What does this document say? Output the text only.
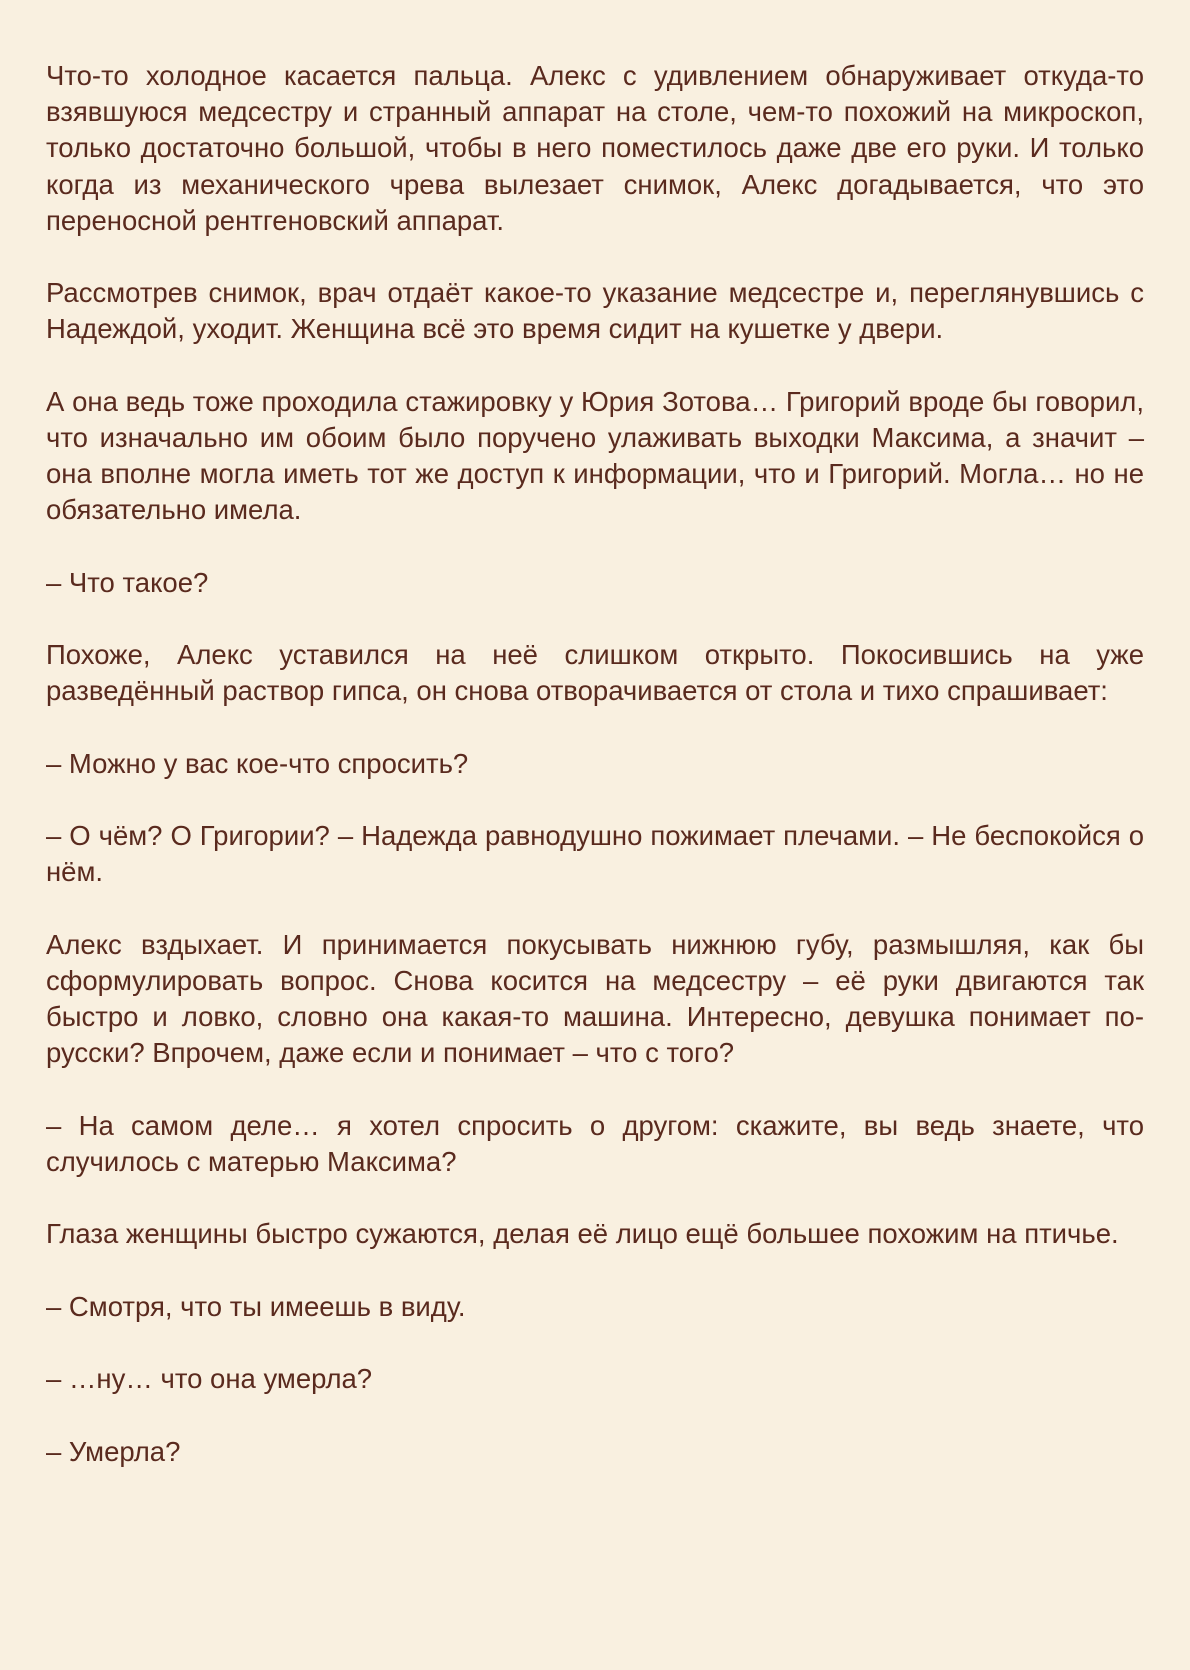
Что-то холодное касается пальца. Алекс с удивлением обнаруживает откуда-то взявшуюся медсестру и странный аппарат на столе, чем-то похожий на микроскоп, только достаточно большой, чтобы в него поместилось даже две его руки. И только когда из механического чрева вылезает снимок, Алекс догадывается, что это переносной рентгеновский аппарат.

Рассмотрев снимок, врач отдаёт какое-то указание медсестре и, переглянувшись с Надеждой, уходит. Женщина всё это время сидит на кушетке у двери.

А она ведь тоже проходила стажировку у Юрия Зотова… Григорий вроде бы говорил, что изначально им обоим было поручено улаживать выходки Максима, а значит – она вполне могла иметь тот же доступ к информации, что и Григорий. Могла… но не обязательно имела.

– Что такое?

Похоже, Алекс уставился на неё слишком открыто. Покосившись на уже разведённый раствор гипса, он снова отворачивается от стола и тихо спрашивает:

– Можно у вас кое-что спросить?

– О чём? О Григории? – Надежда равнодушно пожимает плечами. – Не беспокойся о нём.

Алекс вздыхает. И принимается покусывать нижнюю губу, размышляя, как бы сформулировать вопрос. Снова косится на медсестру – её руки двигаются так быстро и ловко, словно она какая-то машина. Интересно, девушка понимает по-русски? Впрочем, даже если и понимает – что с того?

– На самом деле… я хотел спросить о другом: скажите, вы ведь знаете, что случилось с матерью Максима?

Глаза женщины быстро сужаются, делая её лицо ещё большее похожим на птичье.

– Смотря, что ты имеешь в виду.

– …ну… что она умерла?

– Умерла?
